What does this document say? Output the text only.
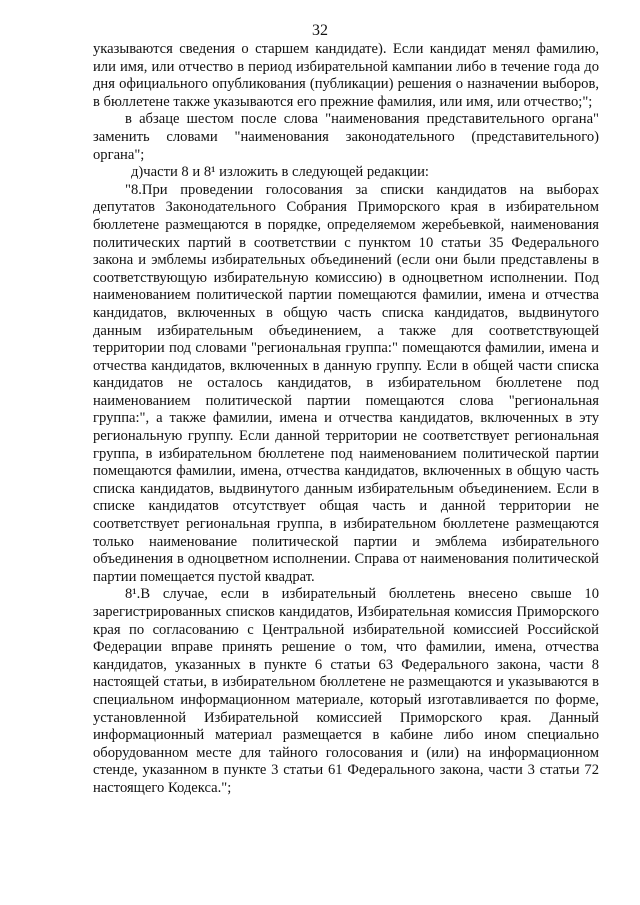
32

указываются сведения о старшем кандидате). Если кандидат менял фамилию, или имя, или отчество в период избирательной кампании либо в течение года до дня официального опубликования (публикации) решения о назначении выборов, в бюллетене также указываются его прежние фамилия, или имя, или отчество;";

в абзаце шестом после слова "наименования представительного органа" заменить словами "наименования законодательного (представительного) органа";

д)части 8 и 8¹ изложить в следующей редакции:

"8.При проведении голосования за списки кандидатов на выборах депутатов Законодательного Собрания Приморского края в избирательном бюллетене размещаются в порядке, определяемом жеребьевкой, наименования политических партий в соответствии с пунктом 10 статьи 35 Федерального закона и эмблемы избирательных объединений (если они были представлены в соответствующую избирательную комиссию) в одноцветном исполнении. Под наименованием политической партии помещаются фамилии, имена и отчества кандидатов, включенных в общую часть списка кандидатов, выдвинутого данным избирательным объединением, а также для соответствующей территории под словами "региональная группа:" помещаются фамилии, имена и отчества кандидатов, включенных в данную группу. Если в общей части списка кандидатов не осталось кандидатов, в избирательном бюллетене под наименованием политической партии помещаются слова "региональная группа:", а также фамилии, имена и отчества кандидатов, включенных в эту региональную группу. Если данной территории не соответствует региональная группа, в избирательном бюллетене под наименованием политической партии помещаются фамилии, имена, отчества кандидатов, включенных в общую часть списка кандидатов, выдвинутого данным избирательным объединением. Если в списке кандидатов отсутствует общая часть и данной территории не соответствует региональная группа, в избирательном бюллетене размещаются только наименование политической партии и эмблема избирательного объединения в одноцветном исполнении. Справа от наименования политической партии помещается пустой квадрат.

8¹.В случае, если в избирательный бюллетень внесено свыше 10 зарегистрированных списков кандидатов, Избирательная комиссия Приморского края по согласованию с Центральной избирательной комиссией Российской Федерации вправе принять решение о том, что фамилии, имена, отчества кандидатов, указанных в пункте 6 статьи 63 Федерального закона, части 8 настоящей статьи, в избирательном бюллетене не размещаются и указываются в специальном информационном материале, который изготавливается по форме, установленной Избирательной комиссией Приморского края. Данный информационный материал размещается в кабине либо ином специально оборудованном месте для тайного голосования и (или) на информационном стенде, указанном в пункте 3 статьи 61 Федерального закона, части 3 статьи 72 настоящего Кодекса.";
